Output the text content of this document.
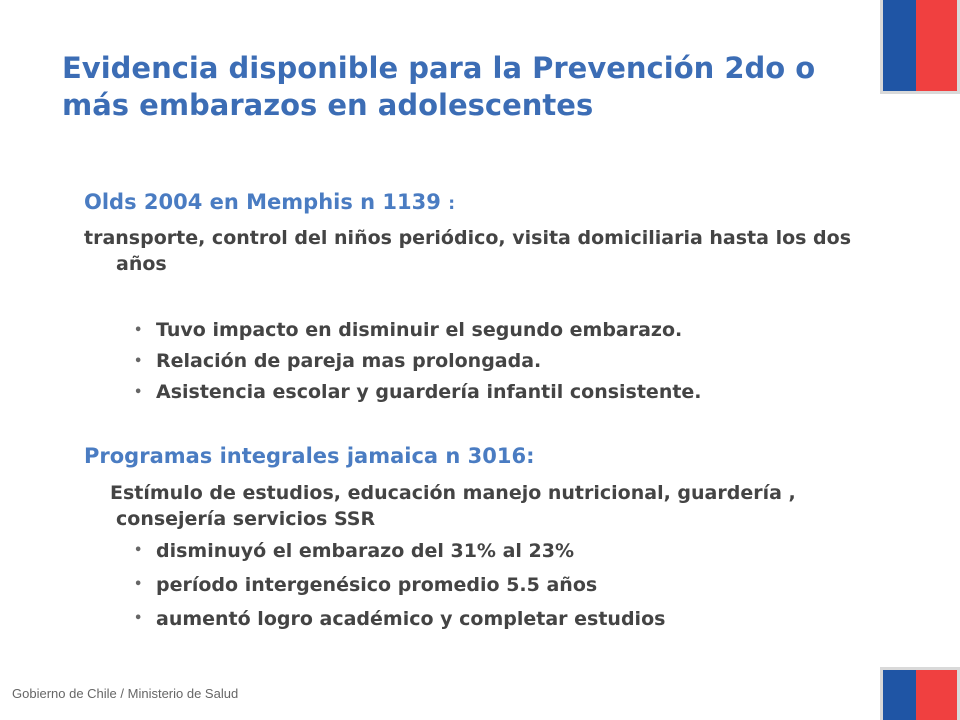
Evidencia disponible para la Prevención 2do o
más embarazos en adolescentes

Olds 2004 en Memphis n 1139 :

transporte, control del niños periódico, visita domiciliaria hasta los dos años

• Tuvo impacto en disminuir el segundo embarazo.
• Relación de pareja mas prolongada.
• Asistencia escolar y guardería infantil consistente.

Programas integrales jamaica n 3016:

Estímulo de estudios, educación manejo nutricional, guardería , consejería servicios SSR

• disminuyó el embarazo del 31% al 23%
• período intergenésico promedio 5.5 años
• aumentó logro académico y completar estudios
Gobierno de Chile / Ministerio de Salud
